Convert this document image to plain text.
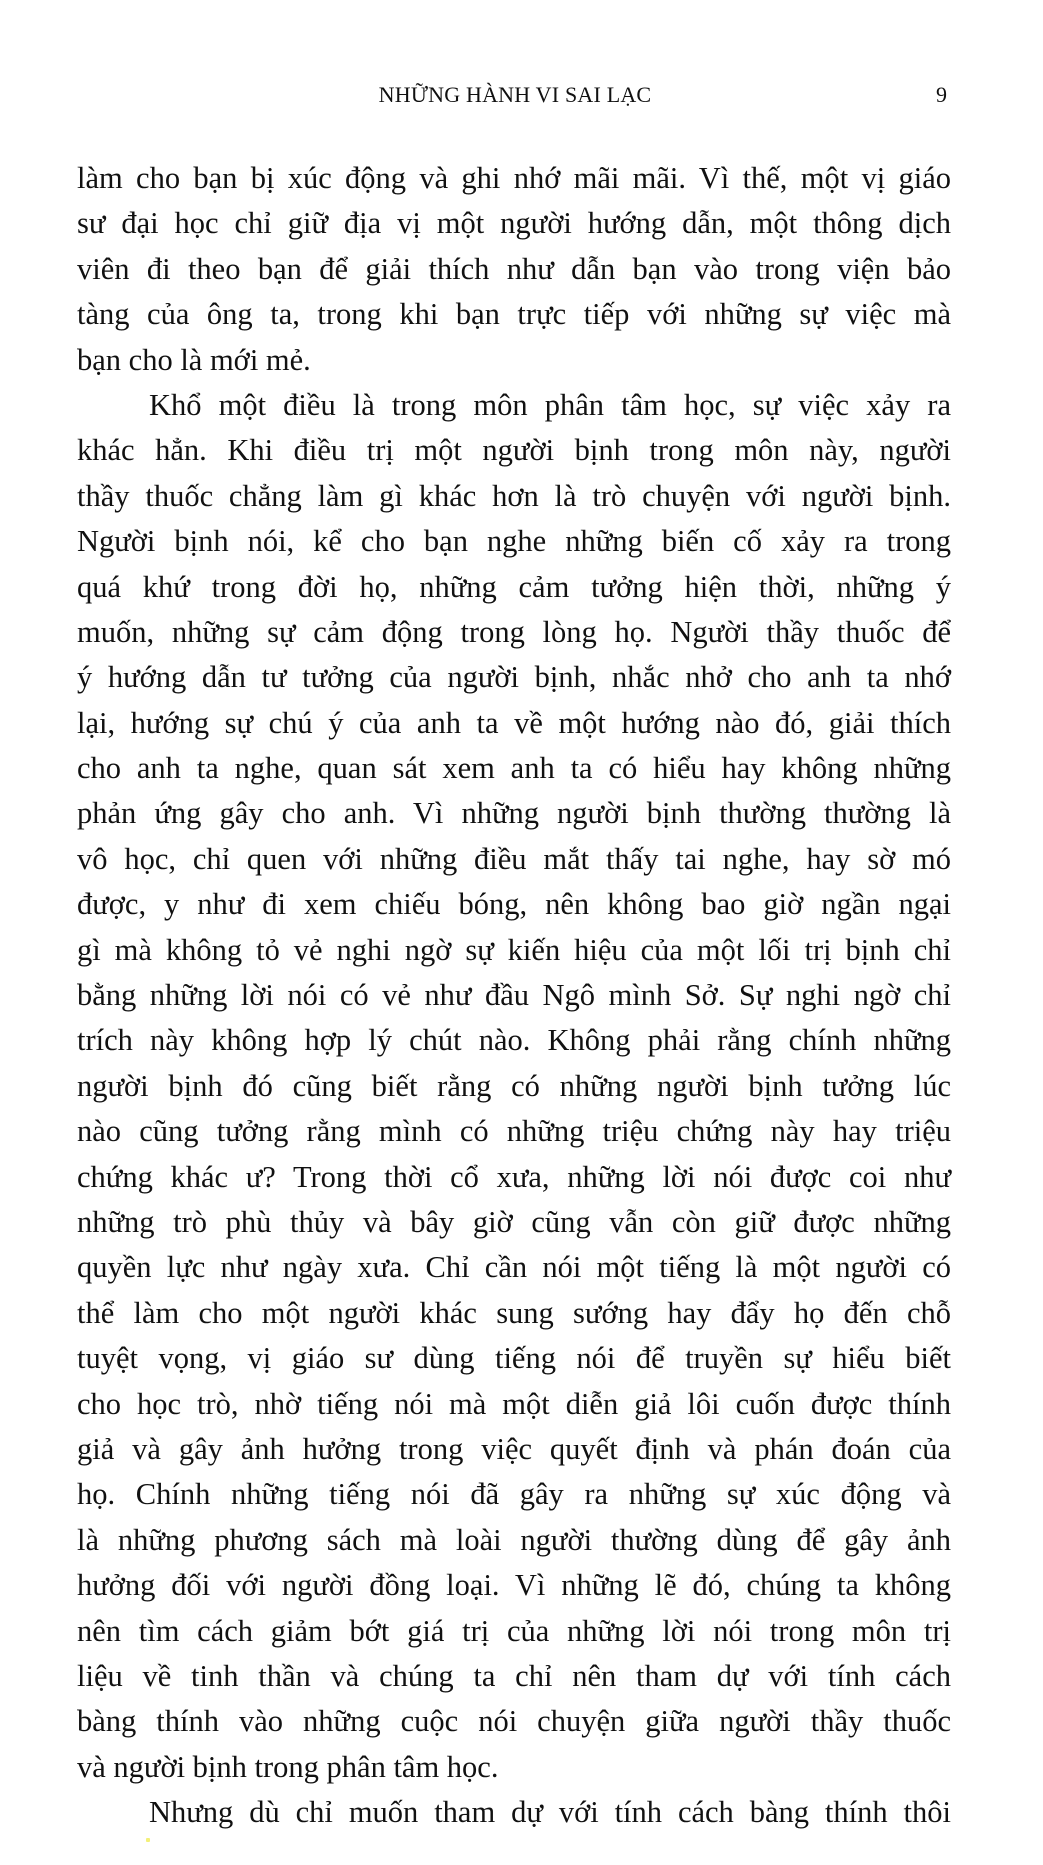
NHỮNG HÀNH VI SAI LẠC	9
làm cho bạn bị xúc động và ghi nhớ mãi mãi. Vì thế, một vị giáo
sư đại học chỉ giữ địa vị một người hướng dẫn, một thông dịch
viên đi theo bạn để giải thích như dẫn bạn vào trong viện bảo
tàng của ông ta, trong khi bạn trực tiếp với những sự việc mà
bạn cho là mới mẻ.
Khổ một điều là trong môn phân tâm học, sự việc xảy ra
khác hẳn. Khi điều trị một người bịnh trong môn này, người
thầy thuốc chẳng làm gì khác hơn là trò chuyện với người bịnh.
Người bịnh nói, kể cho bạn nghe những biến cố xảy ra trong
quá khứ trong đời họ, những cảm tưởng hiện thời, những ý
muốn, những sự cảm động trong lòng họ. Người thầy thuốc để
ý hướng dẫn tư tưởng của người bịnh, nhắc nhở cho anh ta nhớ
lại, hướng sự chú ý của anh ta về một hướng nào đó, giải thích
cho anh ta nghe, quan sát xem anh ta có hiểu hay không những
phản ứng gây cho anh. Vì những người bịnh thường thường là
vô học, chỉ quen với những điều mắt thấy tai nghe, hay sờ mó
được, y như đi xem chiếu bóng, nên không bao giờ ngần ngại
gì mà không tỏ vẻ nghi ngờ sự kiến hiệu của một lối trị bịnh chỉ
bằng những lời nói có vẻ như đầu Ngô mình Sở. Sự nghi ngờ chỉ
trích này không hợp lý chút nào. Không phải rằng chính những
người bịnh đó cũng biết rằng có những người bịnh tưởng lúc
nào cũng tưởng rằng mình có những triệu chứng này hay triệu
chứng khác ư? Trong thời cổ xưa, những lời nói được coi như
những trò phù thủy và bây giờ cũng vẫn còn giữ được những
quyền lực như ngày xưa. Chỉ cần nói một tiếng là một người có
thể làm cho một người khác sung sướng hay đẩy họ đến chỗ
tuyệt vọng, vị giáo sư dùng tiếng nói để truyền sự hiểu biết
cho học trò, nhờ tiếng nói mà một diễn giả lôi cuốn được thính
giả và gây ảnh hưởng trong việc quyết định và phán đoán của
họ. Chính những tiếng nói đã gây ra những sự xúc động và
là những phương sách mà loài người thường dùng để gây ảnh
hưởng đối với người đồng loại. Vì những lẽ đó, chúng ta không
nên tìm cách giảm bớt giá trị của những lời nói trong môn trị
liệu về tinh thần và chúng ta chỉ nên tham dự với tính cách
bàng thính vào những cuộc nói chuyện giữa người thầy thuốc
và người bịnh trong phân tâm học.
Nhưng dù chỉ muốn tham dự với tính cách bàng thính thôi
